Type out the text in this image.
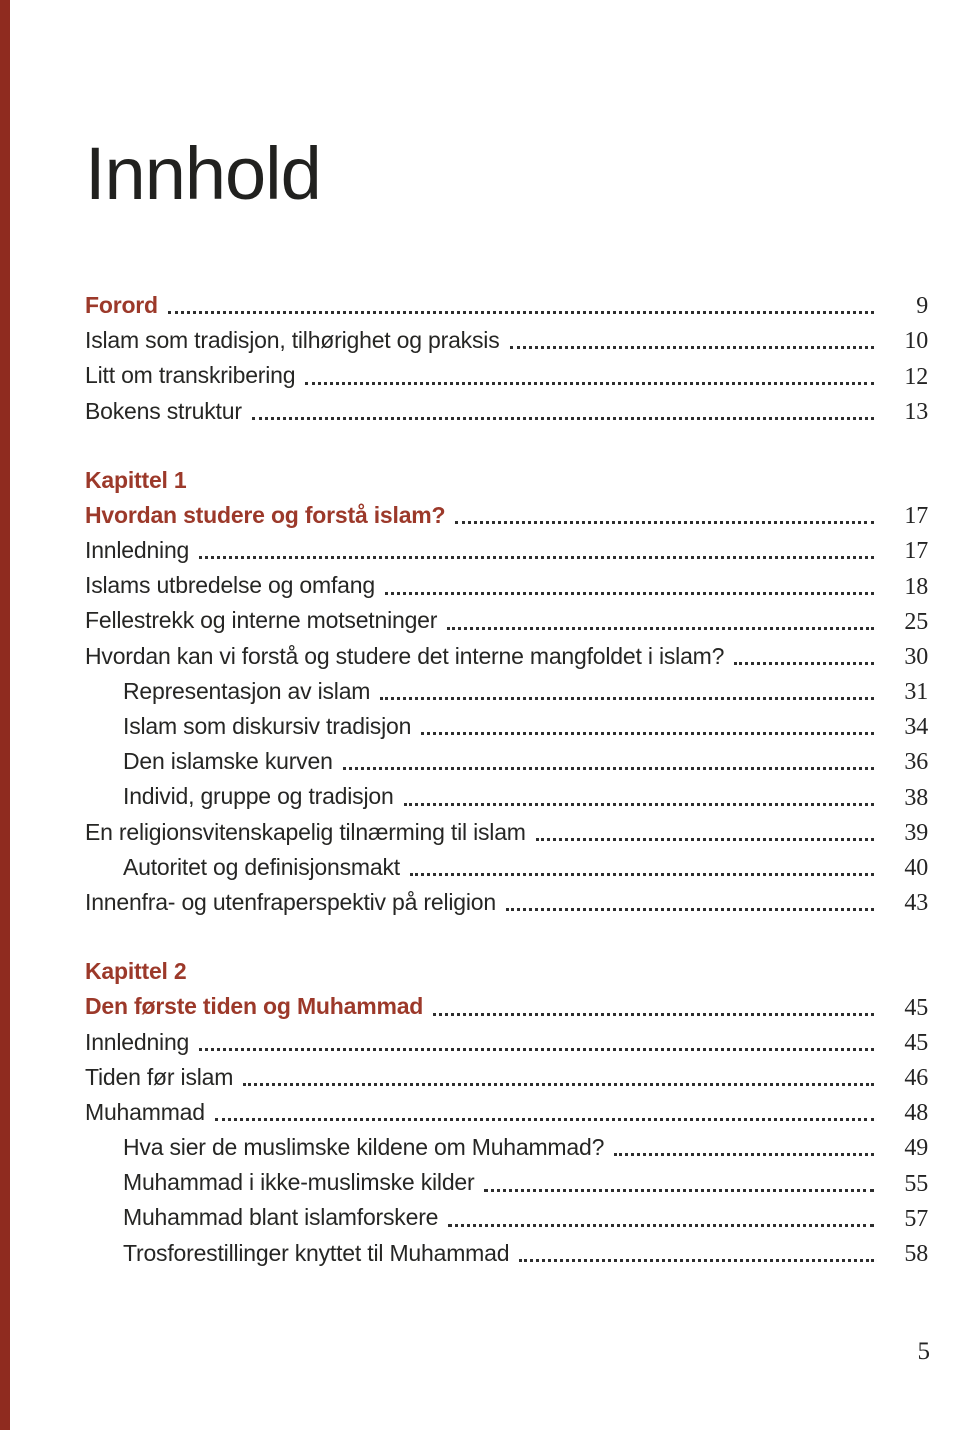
Innhold
Forord	9
Islam som tradisjon, tilhørighet og praksis	10
Litt om transkribering	12
Bokens struktur	13
Kapittel 1
Hvordan studere og forstå islam?	17
Innledning	17
Islams utbredelse og omfang	18
Fellestrekk og interne motsetninger	25
Hvordan kan vi forstå og studere det interne mangfoldet i islam?	30
Representasjon av islam	31
Islam som diskursiv tradisjon	34
Den islamske kurven	36
Individ, gruppe og tradisjon	38
En religionsvitenskapelig tilnærming til islam	39
Autoritet og definisjonsmakt	40
Innenfra- og utenfraperspektiv på religion	43
Kapittel 2
Den første tiden og Muhammad	45
Innledning	45
Tiden før islam	46
Muhammad	48
Hva sier de muslimske kildene om Muhammad?	49
Muhammad i ikke-muslimske kilder	55
Muhammad blant islamforskere	57
Trosforestillinger knyttet til Muhammad	58
5
